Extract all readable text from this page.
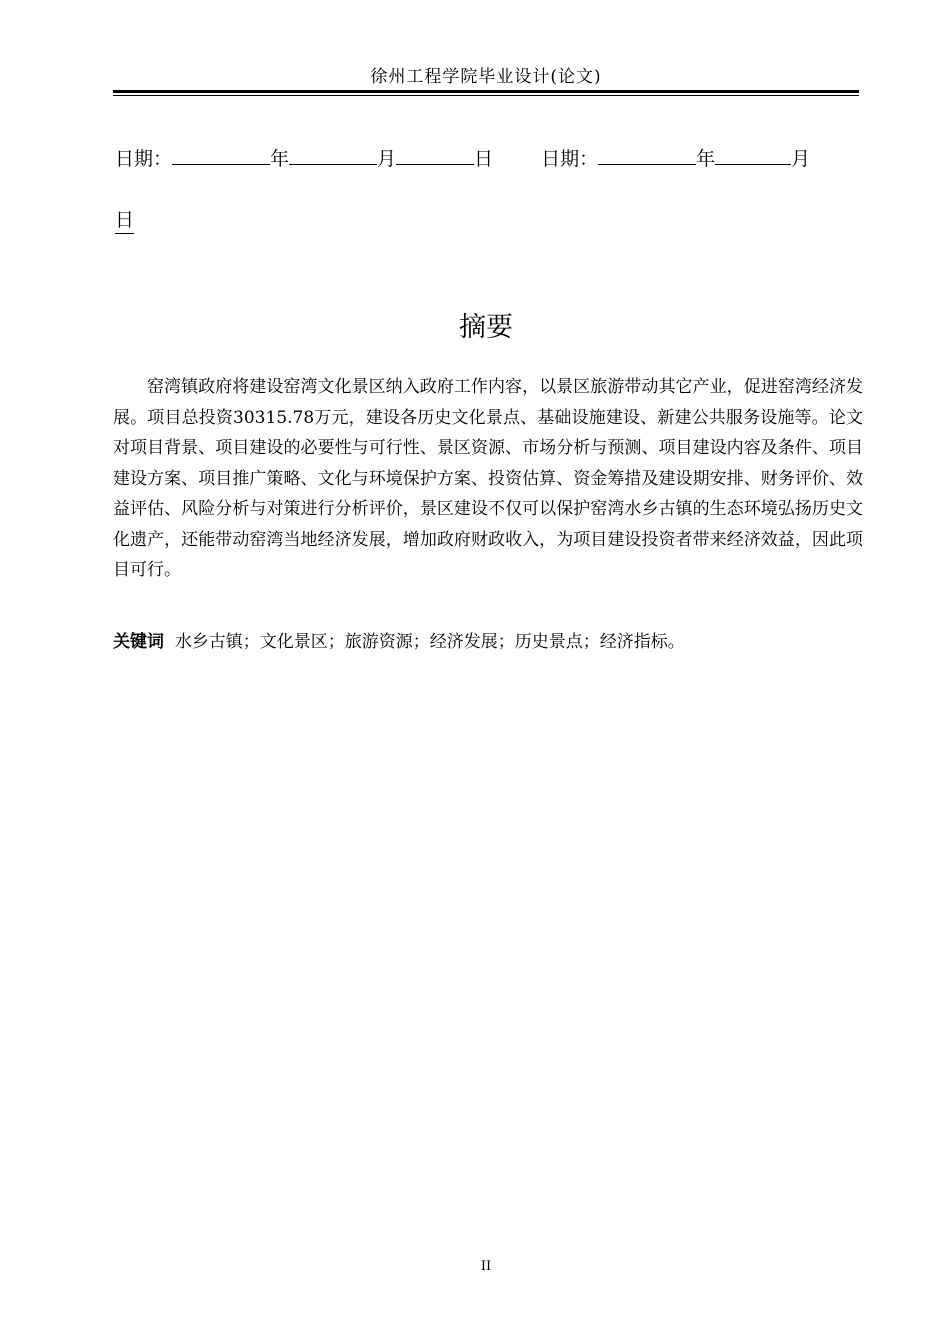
徐州工程学院毕业设计(论文)
日期：	年	月	日	日期：	年	月
日
摘要

窑湾镇政府将建设窑湾文化景区纳入政府工作内容，以景区旅游带动其它产业，促进窑湾经济发展。项目总投资30315.78万元，建设各历史文化景点、基础设施建设、新建公共服务设施等。论文对项目背景、项目建设的必要性与可行性、景区资源、市场分析与预测、项目建设内容及条件、项目建设方案、项目推广策略、文化与环境保护方案、投资估算、资金筹措及建设期安排、财务评价、效益评估、风险分析与对策进行分析评价，景区建设不仅可以保护窑湾水乡古镇的生态环境弘扬历史文化遗产，还能带动窑湾当地经济发展，增加政府财政收入，为项目建设投资者带来经济效益，因此项目可行。

关键词 水乡古镇；文化景区；旅游资源；经济发展；历史景点；经济指标。

II
